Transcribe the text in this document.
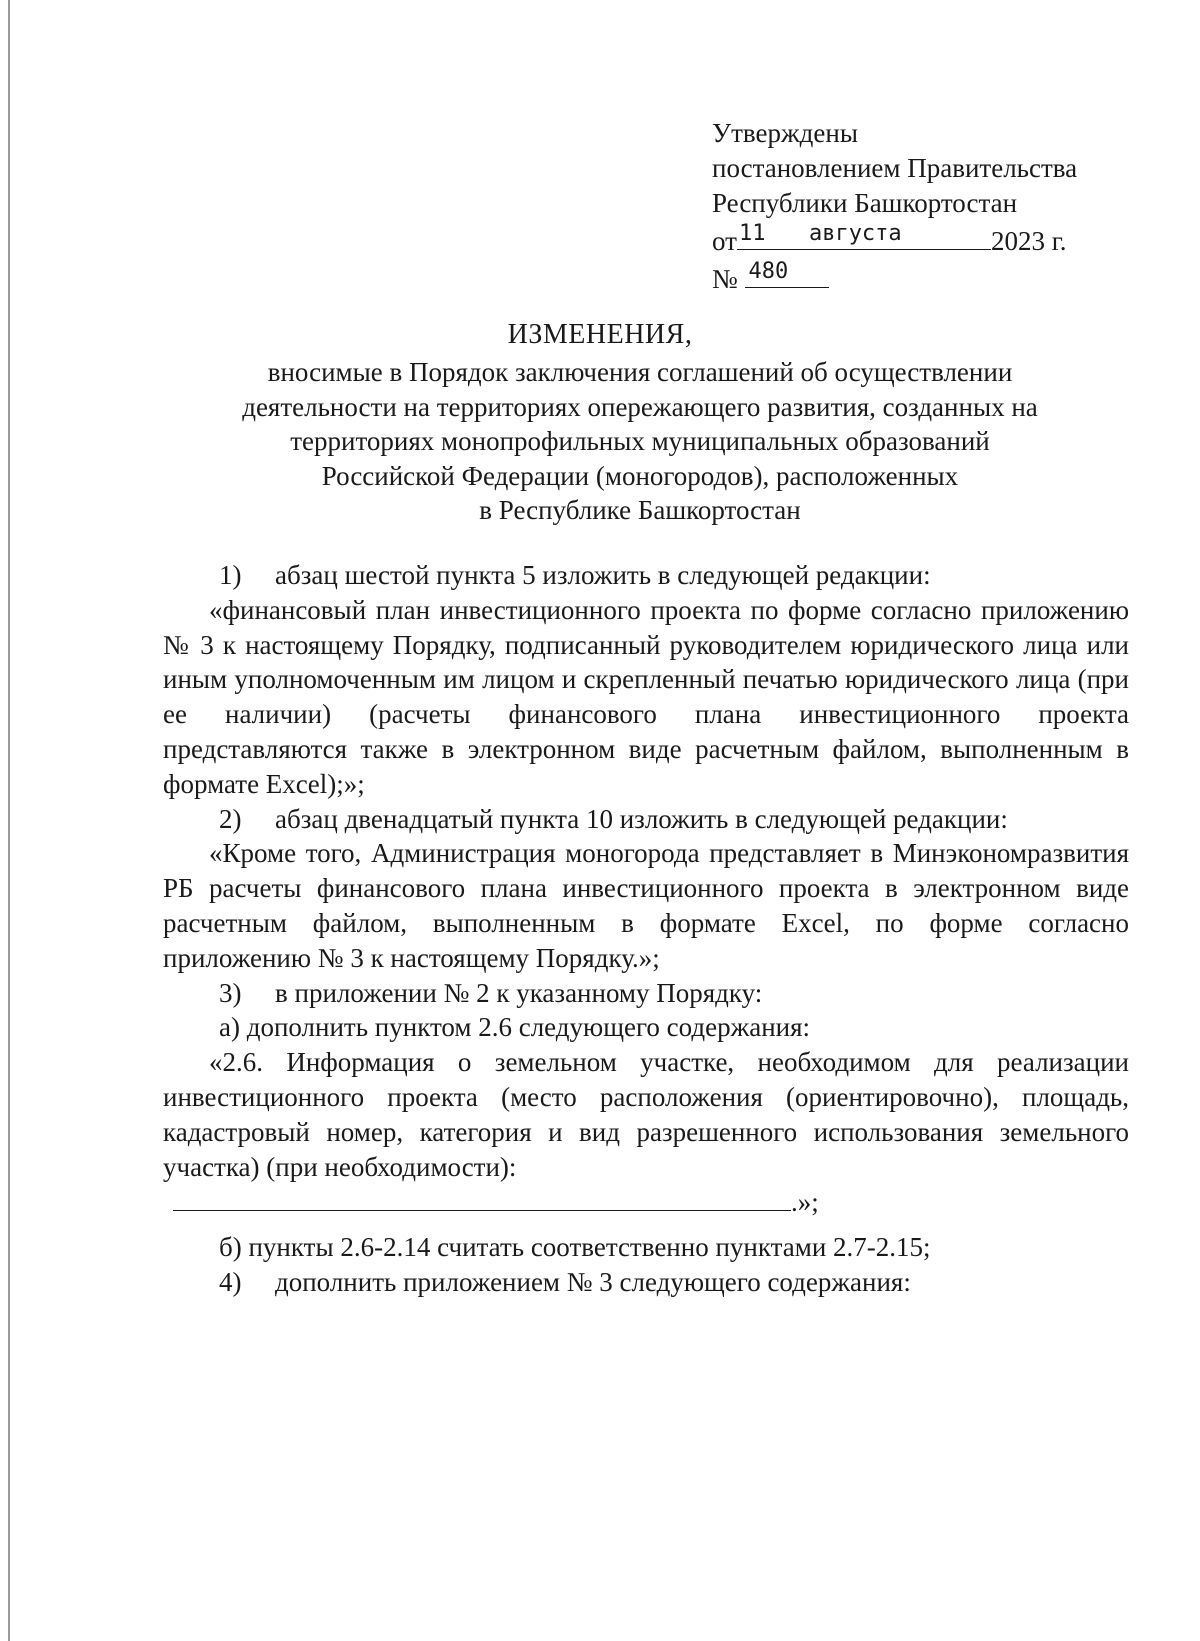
Утверждены
постановлением Правительства
Республики Башкортостан
от 11 августа	2023 г.
№ 480
ИЗМЕНЕНИЯ,
вносимые в Порядок заключения соглашений об осуществлении
деятельности на территориях опережающего развития, созданных на
территориях монопрофильных муниципальных образований
Российской Федерации (моногородов), расположенных
в Республике Башкортостан

1) абзац шестой пункта 5 изложить в следующей редакции:

«финансовый план инвестиционного проекта по форме согласно приложению № 3 к настоящему Порядку, подписанный руководителем юридического лица или иным уполномоченным им лицом и скрепленный печатью юридического лица (при ее наличии) (расчеты финансового плана инвестиционного проекта представляются также в электронном виде расчетным файлом, выполненным в формате Excel);»;

2) абзац двенадцатый пункта 10 изложить в следующей редакции:

«Кроме того, Администрация моногорода представляет в Минэкономразвития РБ расчеты финансового плана инвестиционного проекта в электронном виде расчетным файлом, выполненным в формате Excel, по форме согласно приложению № 3 к настоящему Порядку.»;

3) в приложении № 2 к указанному Порядку:

а) дополнить пунктом 2.6 следующего содержания:

«2.6. Информация о земельном участке, необходимом для реализации инвестиционного проекта (место расположения (ориентировочно), площадь, кадастровый номер, категория и вид разрешенного использования земельного участка) (при необходимости):

.»;

б) пункты 2.6-2.14 считать соответственно пунктами 2.7-2.15;

4) дополнить приложением № 3 следующего содержания:
